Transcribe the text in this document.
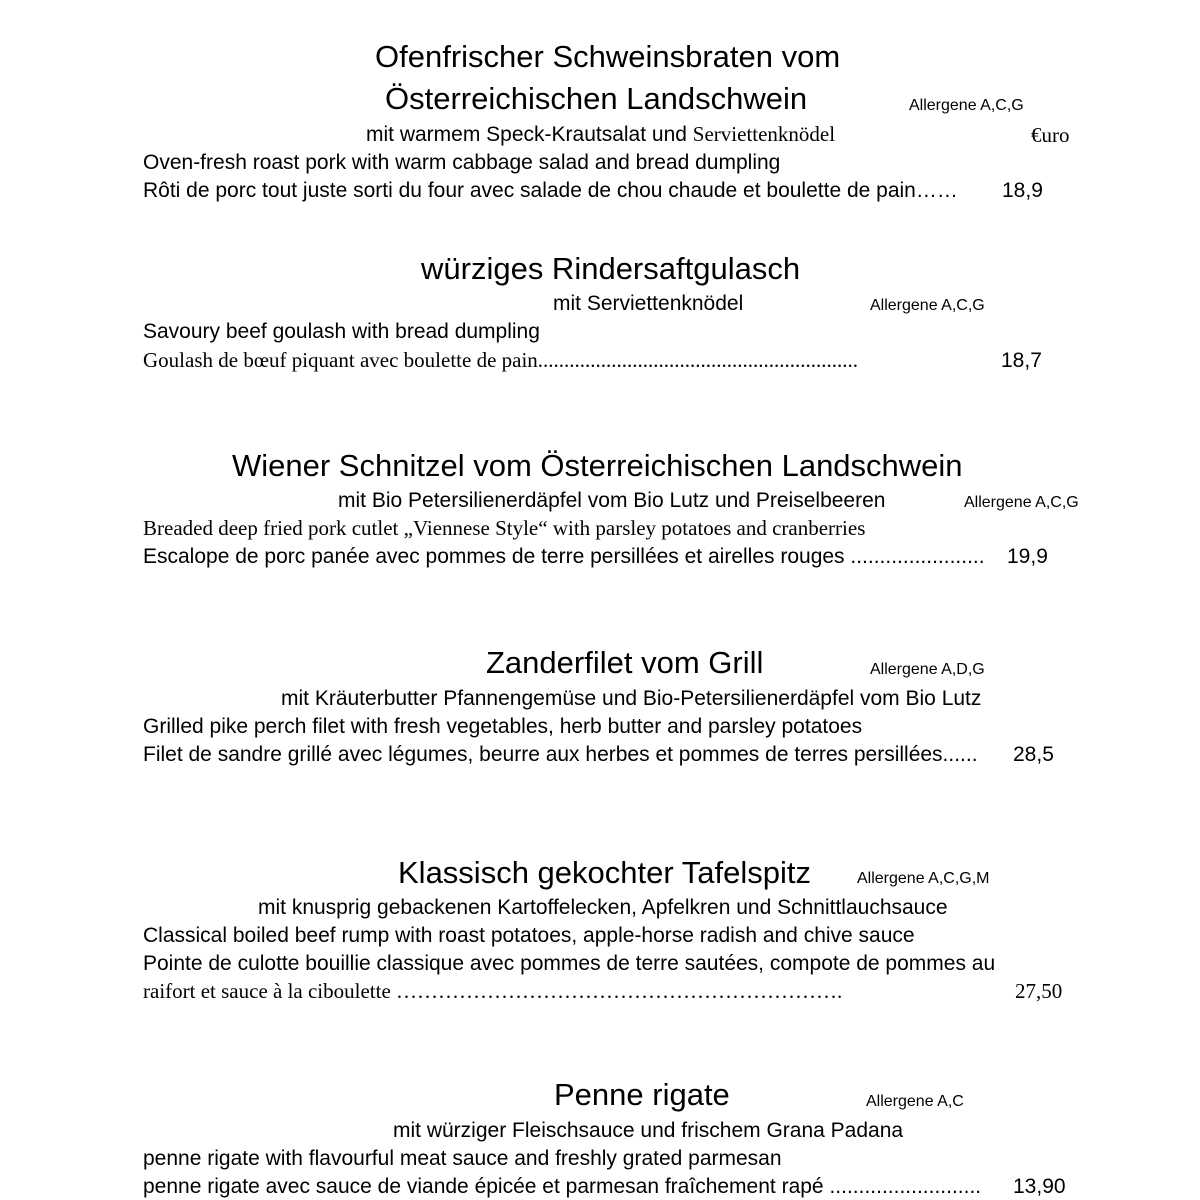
Ofenfrischer Schweinsbraten vom
Österreichischen Landschwein	Allergene A,C,G
mit warmem Speck-Krautsalat und Serviettenknödel	€uro
Oven-fresh roast pork with warm cabbage salad and bread dumpling
Rôti de porc tout juste sorti du four avec salade de chou chaude et boulette de pain…… 18,9
würziges Rindersaftgulasch
mit Serviettenknödel	Allergene A,C,G
Savoury beef goulash with bread dumpling
Goulash de bœuf piquant avec boulette de pain.............................................................	18,7
Wiener Schnitzel vom Österreichischen Landschwein
mit Bio Petersilienerdäpfel vom Bio Lutz und Preiselbeeren	Allergene A,C,G
Breaded deep fried pork cutlet „Viennese Style“ with parsley potatoes and cranberries
Escalope de porc panée avec pommes de terre persillées et airelles rouges ....................... 19,9
Zanderfilet vom Grill	Allergene A,D,G
mit Kräuterbutter Pfannengemüse und Bio-Petersilienerdäpfel vom Bio Lutz
Grilled pike perch filet with fresh vegetables, herb butter and parsley potatoes
Filet de sandre grillé avec légumes, beurre aux herbes et pommes de terres persillées...... 28,5
Klassisch gekochter Tafelspitz	Allergene A,C,G,M
mit knusprig gebackenen Kartoffelecken, Apfelkren und Schnittlauchsauce
Classical boiled beef rump with roast potatoes, apple-horse radish and chive sauce
Pointe de culotte bouillie classique avec pommes de terre sautées, compote de pommes au
raifort et sauce à la ciboulette ……………………………………………………….	27,50
Penne rigate	Allergene A,C
mit würziger Fleischsauce und frischem Grana Padana
penne rigate with flavourful meat sauce and freshly grated parmesan
penne rigate avec sauce de viande épicée et parmesan fraîchement rapé .......................... 13,90
